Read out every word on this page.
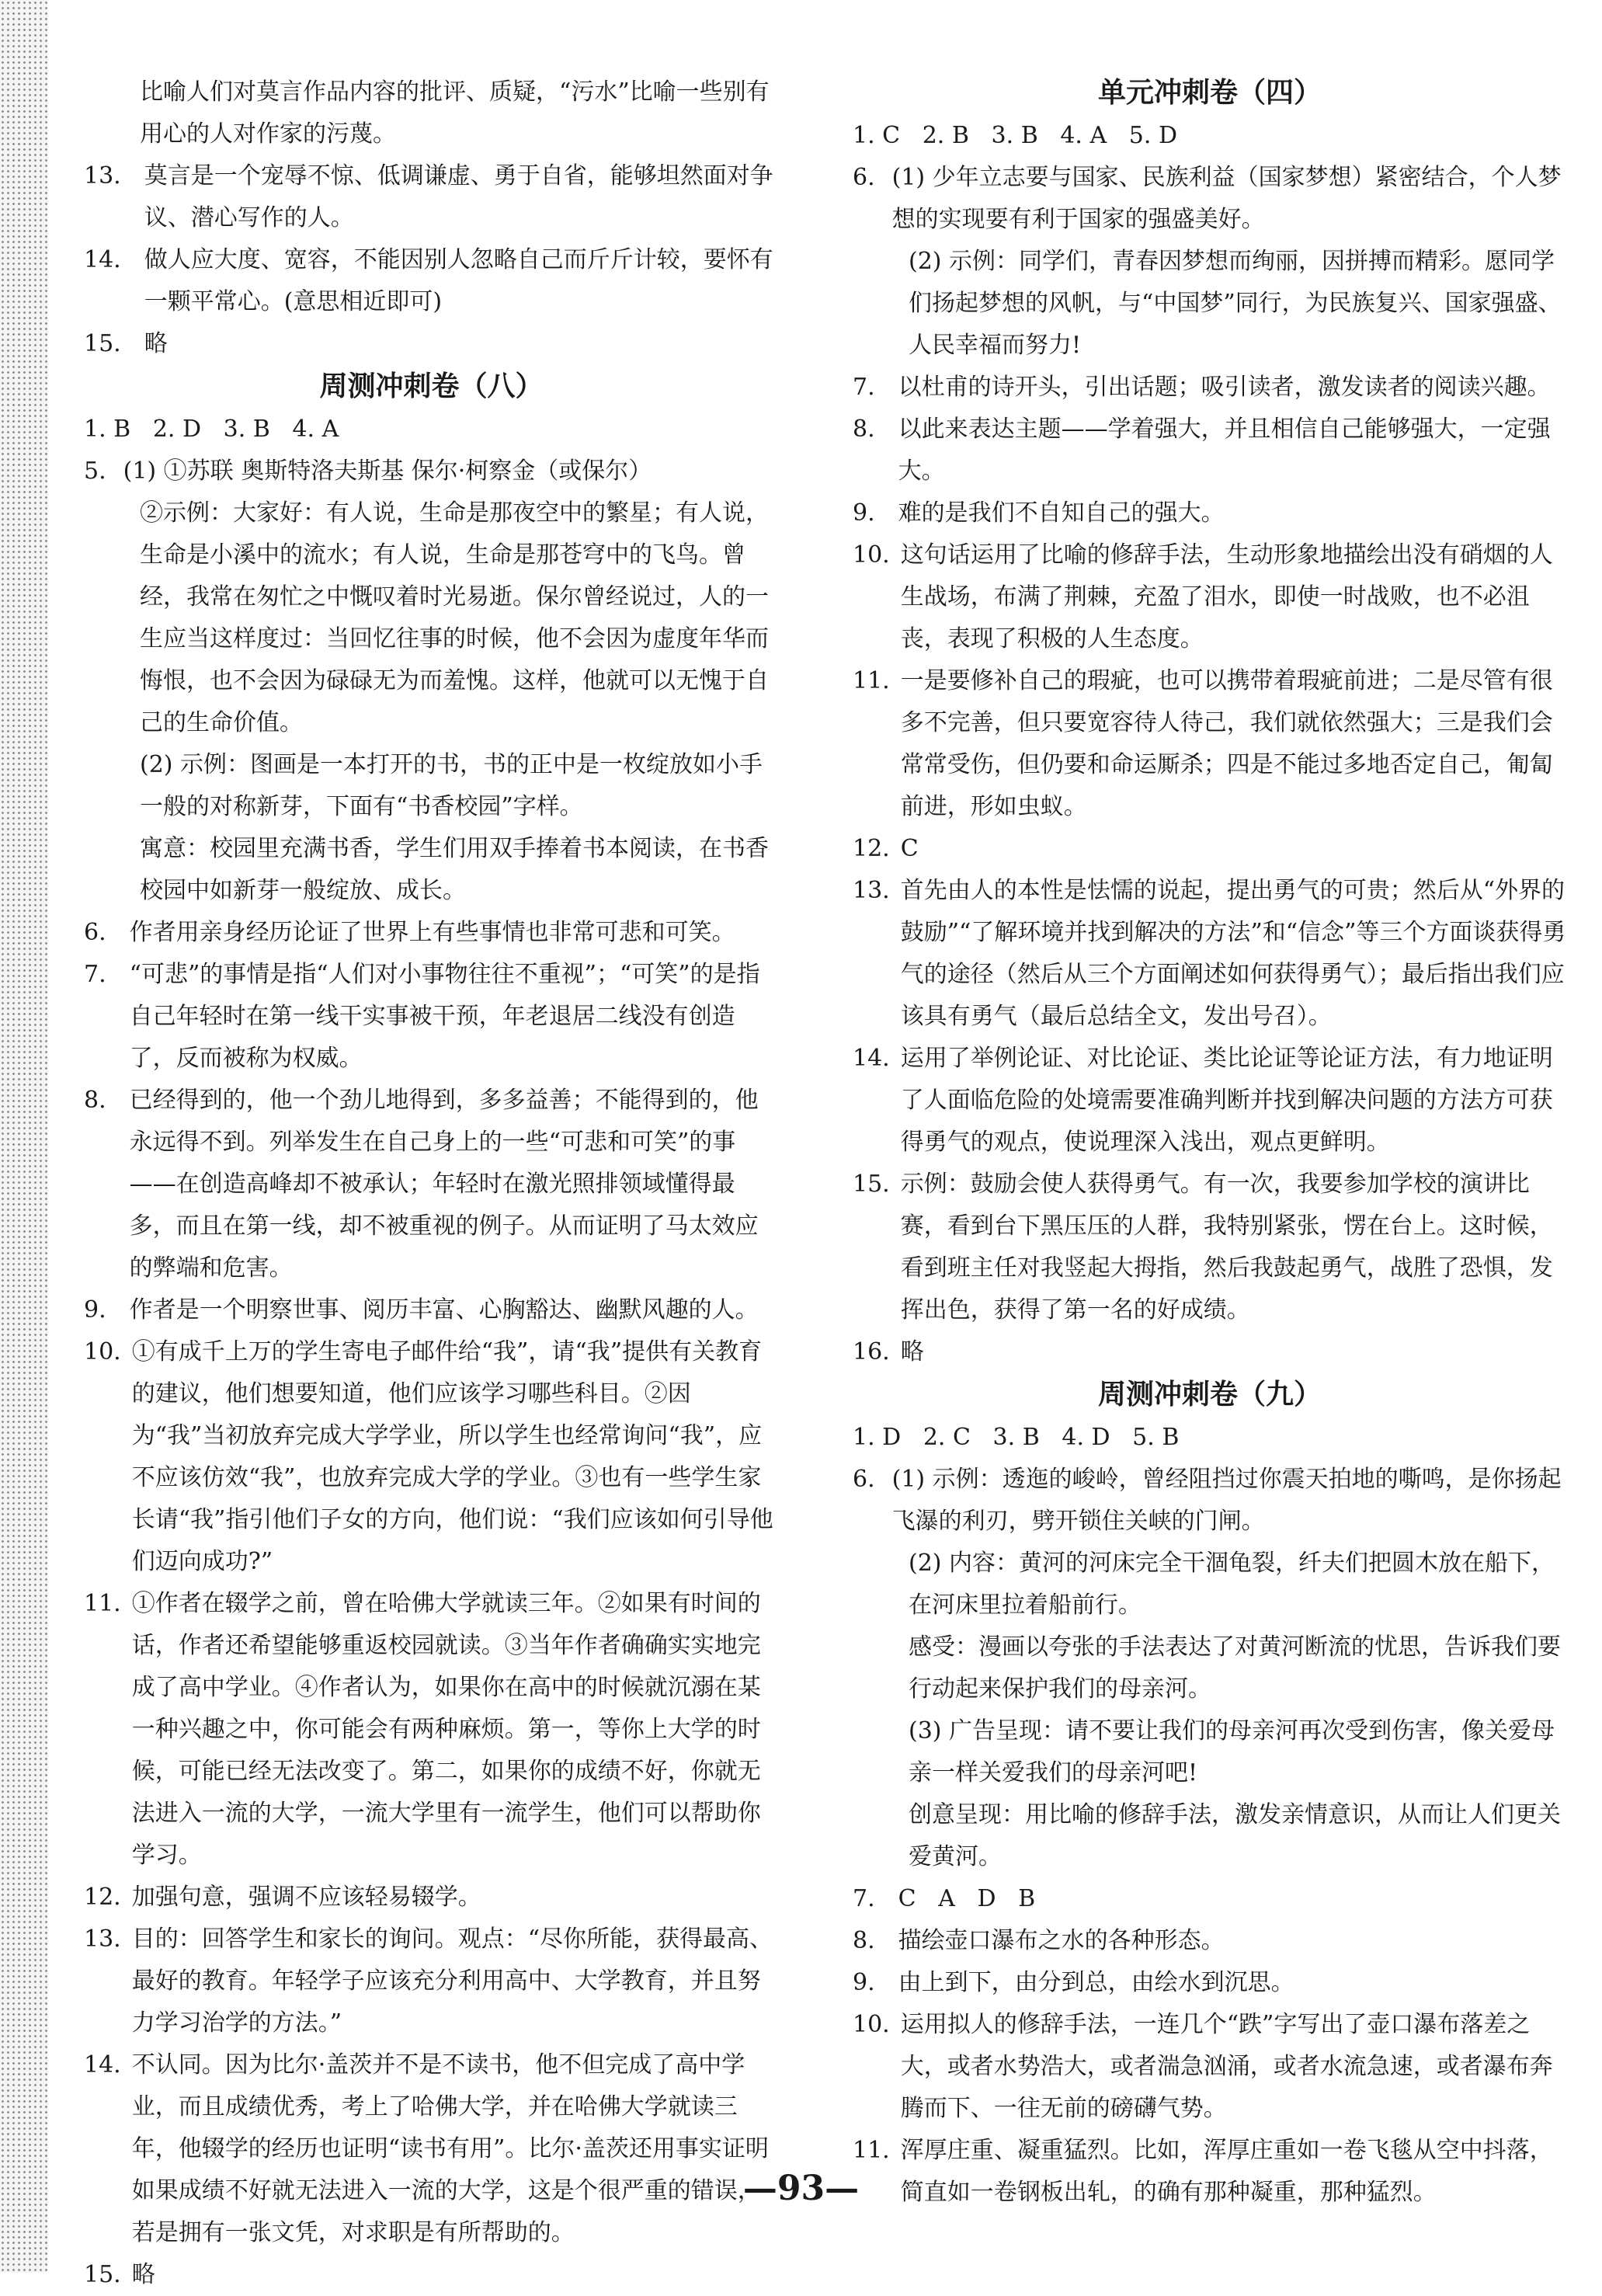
比喻人们对莫言作品内容的批评、质疑，“污水”比喻一些别有用心的人对作家的污蔑。
13.	莫言是一个宠辱不惊、低调谦虚、勇于自省，能够坦然面对争议、潜心写作的人。
14.	做人应大度、宽容，不能因别人忽略自己而斤斤计较，要怀有一颗平常心。(意思相近即可)
15.	略
周测冲刺卷（八）
1. B   2. D   3. B   4. A
5. (1) ①苏联 奥斯特洛夫斯基 保尔·柯察金（或保尔）
②示例：大家好：有人说，生命是那夜空中的繁星；有人说，生命是小溪中的流水；有人说，生命是那苍穹中的飞鸟。曾经，我常在匆忙之中慨叹着时光易逝。保尔曾经说过，人的一生应当这样度过：当回忆往事的时候，他不会因为虚度年华而悔恨，也不会因为碌碌无为而羞愧。这样，他就可以无愧于自己的生命价值。
(2) 示例：图画是一本打开的书，书的正中是一枚绽放如小手一般的对称新芽，下面有“书香校园”字样。
寓意：校园里充满书香，学生们用双手捧着书本阅读，在书香校园中如新芽一般绽放、成长。
6.	作者用亲身经历论证了世界上有些事情也非常可悲和可笑。
7.	“可悲”的事情是指“人们对小事物往往不重视”；“可笑”的是指自己年轻时在第一线干实事被干预，年老退居二线没有创造了，反而被称为权威。
8.	已经得到的，他一个劲儿地得到，多多益善；不能得到的，他永远得不到。列举发生在自己身上的一些“可悲和可笑”的事——在创造高峰却不被承认；年轻时在激光照排领域懂得最多，而且在第一线，却不被重视的例子。从而证明了马太效应的弊端和危害。
9.	作者是一个明察世事、阅历丰富、心胸豁达、幽默风趣的人。
10. ①有成千上万的学生寄电子邮件给“我”，请“我”提供有关教育的建议，他们想要知道，他们应该学习哪些科目。②因为“我”当初放弃完成大学学业，所以学生也经常询问“我”，应不应该仿效“我”，也放弃完成大学的学业。③也有一些学生家长请“我”指引他们子女的方向，他们说：“我们应该如何引导他们迈向成功?”
11. ①作者在辍学之前，曾在哈佛大学就读三年。②如果有时间的话，作者还希望能够重返校园就读。③当年作者确确实实地完成了高中学业。④作者认为，如果你在高中的时候就沉溺在某一种兴趣之中，你可能会有两种麻烦。第一，等你上大学的时候，可能已经无法改变了。第二，如果你的成绩不好，你就无法进入一流的大学，一流大学里有一流学生，他们可以帮助你学习。
12. 加强句意，强调不应该轻易辍学。
13. 目的：回答学生和家长的询问。观点：“尽你所能，获得最高、最好的教育。年轻学子应该充分利用高中、大学教育，并且努力学习治学的方法。”
14. 不认同。因为比尔·盖茨并不是不读书，他不但完成了高中学业，而且成绩优秀，考上了哈佛大学，并在哈佛大学就读三年，他辍学的经历也证明“读书有用”。比尔·盖茨还用事实证明如果成绩不好就无法进入一流的大学，这是个很严重的错误，若是拥有一张文凭，对求职是有所帮助的。
15. 略
单元冲刺卷（四）
1. C   2. B   3. B   4. A   5. D
6. (1) 少年立志要与国家、民族利益（国家梦想）紧密结合，个人梦想的实现要有利于国家的强盛美好。
(2) 示例：同学们，青春因梦想而绚丽，因拼搏而精彩。愿同学们扬起梦想的风帆，与“中国梦”同行，为民族复兴、国家强盛、人民幸福而努力!
7.	以杜甫的诗开头，引出话题；吸引读者，激发读者的阅读兴趣。
8.	以此来表达主题——学着强大，并且相信自己能够强大，一定强大。
9.	难的是我们不自知自己的强大。
10. 这句话运用了比喻的修辞手法，生动形象地描绘出没有硝烟的人生战场，布满了荆棘，充盈了泪水，即使一时战败，也不必沮丧，表现了积极的人生态度。
11. 一是要修补自己的瑕疵，也可以携带着瑕疵前进；二是尽管有很多不完善，但只要宽容待人待己，我们就依然强大；三是我们会常常受伤，但仍要和命运厮杀；四是不能过多地否定自己，匍匐前进，形如虫蚁。
12. C
13. 首先由人的本性是怯懦的说起，提出勇气的可贵；然后从“外界的鼓励”“了解环境并找到解决的方法”和“信念”等三个方面谈获得勇气的途径（然后从三个方面阐述如何获得勇气）；最后指出我们应该具有勇气（最后总结全文，发出号召）。
14. 运用了举例论证、对比论证、类比论证等论证方法，有力地证明了人面临危险的处境需要准确判断并找到解决问题的方法方可获得勇气的观点，使说理深入浅出，观点更鲜明。
15. 示例：鼓励会使人获得勇气。有一次，我要参加学校的演讲比赛，看到台下黑压压的人群，我特别紧张，愣在台上。这时候，看到班主任对我竖起大拇指，然后我鼓起勇气，战胜了恐惧，发挥出色，获得了第一名的好成绩。
16. 略
周测冲刺卷（九）
1. D   2. C   3. B   4. D   5. B
6. (1) 示例：透迤的峻岭，曾经阻挡过你震天拍地的嘶鸣，是你扬起飞瀑的利刃，劈开锁住关峡的门闸。
(2) 内容：黄河的河床完全干涸龟裂，纤夫们把圆木放在船下，在河床里拉着船前行。
感受：漫画以夸张的手法表达了对黄河断流的忧思，告诉我们要行动起来保护我们的母亲河。
(3) 广告呈现：请不要让我们的母亲河再次受到伤害，像关爱母亲一样关爱我们的母亲河吧!
创意呈现：用比喻的修辞手法，激发亲情意识，从而让人们更关爱黄河。
7.	C   A   D   B
8.	描绘壶口瀑布之水的各种形态。
9.	由上到下，由分到总，由绘水到沉思。
10. 运用拟人的修辞手法，一连几个“跌”字写出了壶口瀑布落差之大，或者水势浩大，或者湍急汹涌，或者水流急速，或者瀑布奔腾而下、一往无前的磅礴气势。
11. 浑厚庄重、凝重猛烈。比如，浑厚庄重如一卷飞毯从空中抖落，简直如一卷钢板出轧，的确有那种凝重，那种猛烈。
—93—
